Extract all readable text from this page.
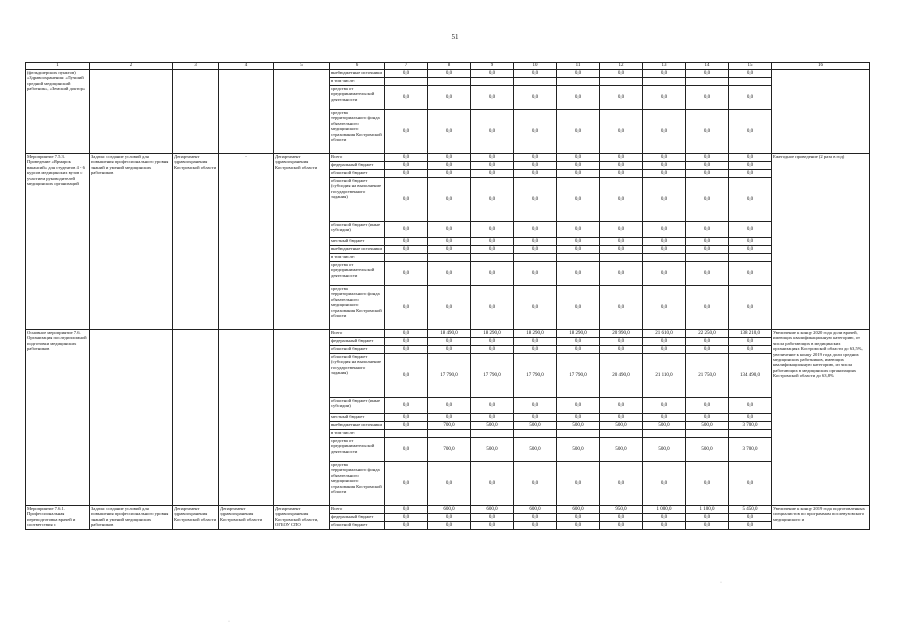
51
1	2	3	4	5	6	7	8	9	10	11	12	13	14	15	16
(фельдшерских пунктов) «Здравоохранения: «Лучший средний медицинский работник», «Земский доктор»					внебюджетные источники	0,0	0,0	0,0	0,0	0,0	0,0	0,0	0,0	0,0	
					в том числе:										
					средства от предпринимательской деятельности	0,0	0,0	0,0	0,0	0,0	0,0	0,0	0,0	0,0	
					средства территориального фонда обязательного медицинского страхования Костромской области	0,0	0,0	0,0	0,0	0,0	0,0	0,0	0,0	0,0	
Мероприятие 7.5.3. Проведение «Ярмарок вакансий» для студентов 4 - 6 курсов медицинских вузов с участием руководителей медицинских организаций	Задача: создание условий для повышения профессионального уровня знаний и умений медицинских работников	Департамент здравоохранения Костромской области	-	Департамент здравоохранения Костромской области	Всего	0,0	0,0	0,0	0,0	0,0	0,0	0,0	0,0	0,0	Ежегодное проведение (2 раза в год)
					федеральный бюджет	0,0	0,0	0,0	0,0	0,0	0,0	0,0	0,0	0,0	
					областной бюджет	0,0	0,0	0,0	0,0	0,0	0,0	0,0	0,0	0,0	
					областной бюджет (субсидия на выполнение государственного задания)	0,0	0,0	0,0	0,0	0,0	0,0	0,0	0,0	0,0	
					областной бюджет (иные субсидии)	0,0	0,0	0,0	0,0	0,0	0,0	0,0	0,0	0,0	
					местный бюджет	0,0	0,0	0,0	0,0	0,0	0,0	0,0	0,0	0,0	
					внебюджетные источники	0,0	0,0	0,0	0,0	0,0	0,0	0,0	0,0	0,0	
					в том числе:										
					средства от предпринимательской деятельности	0,0	0,0	0,0	0,0	0,0	0,0	0,0	0,0	0,0	
					средства территориального фонда обязательного медицинского страхования Костромской области	0,0	0,0	0,0	0,0	0,0	0,0	0,0	0,0	0,0	
Основное мероприятие 7.6. Организация последипломной подготовки медицинских работников					Всего	0,0	18 490,0	18 290,0	18 290,0	18 290,0	20 990,0	21 610,0	22 250,0	138 210,0	Увеличение к концу 2020 года доли врачей, имеющих квалификационную категорию, от числа работающих в медицинских организациях Костромской области до 63,5%, увеличение к концу 2019 года доли средних медицинских работников, имеющих квалификационную категорию, из числа работающих в медицинских организациях Костромской области до 63,8%
					федеральный бюджет	0,0	0,0	0,0	0,0	0,0	0,0	0,0	0,0	0,0	
					областной бюджет	0,0	0,0	0,0	0,0	0,0	0,0	0,0	0,0	0,0	
					областной бюджет (субсидия на выполнение государственного задания)	0,0	17 790,0	17 790,0	17 790,0	17 790,0	20 490,0	21 110,0	21 750,0	134 490,0	
					областной бюджет (иные субсидии)	0,0	0,0	0,0	0,0	0,0	0,0	0,0	0,0	0,0	
					местный бюджет	0,0	0,0	0,0	0,0	0,0	0,0	0,0	0,0	0,0	
					внебюджетные источники	0,0	700,0	500,0	500,0	500,0	500,0	500,0	500,0	3 700,0	
					в том числе:										
					средства от предпринимательской деятельности	0,0	700,0	500,0	500,0	500,0	500,0	500,0	500,0	3 700,0	
					средства территориального фонда обязательного медицинского страхования Костромской области	0,0	0,0	0,0	0,0	0,0	0,0	0,0	0,0	0,0	
Мероприятие 7.6.1. Профессиональная переподготовка врачей и соответствия с	Задача: создание условий для повышения профессионального уровня знаний и умений медицинских работников	Департамент здравоохранения Костромской области	Департамент здравоохранения Костромской области	Департамент здравоохранения Костромской области, ОГБОУ СПО	Всего	0,0	600,0	600,0	600,0	600,0	950,0	1 000,0	1 100,0	5 450,0	Увеличение к концу 2019 года подготовленных специалистов по программам послевузовского медицинского и
					федеральный бюджет	0,0	0,0	0,0	0,0	0,0	0,0	0,0	0,0	0,0	
					областной бюджет	0,0	0,0	0,0	0,0	0,0	0,0	0,0	0,0	0,0	
·
·
